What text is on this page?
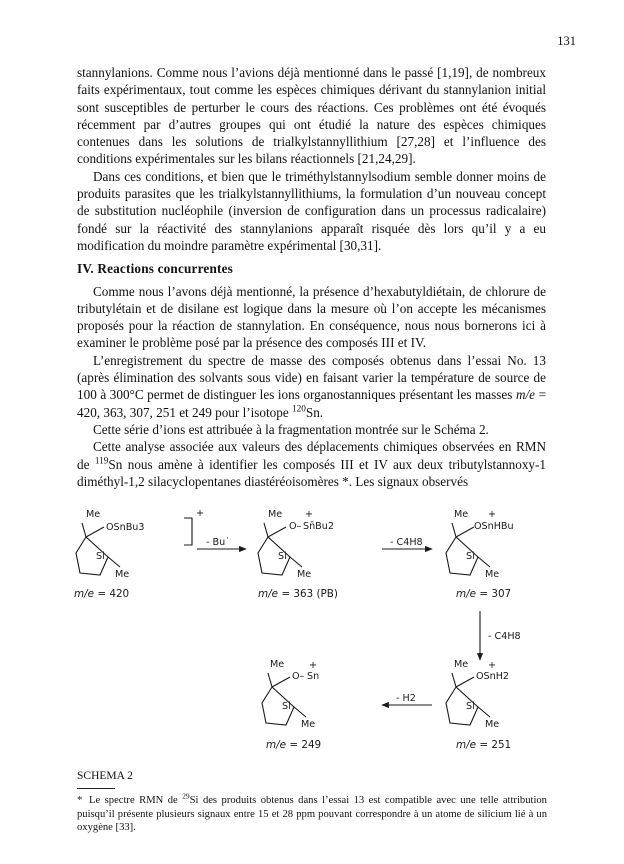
131

stannylanions. Comme nous l’avions déjà mentionné dans le passé [1,19], de nombreux faits expérimentaux, tout comme les espèces chimiques dérivant du stannylanion initial sont susceptibles de perturber le cours des réactions. Ces problèmes ont été évoqués récemment par d’autres groupes qui ont étudié la nature des espèces chimiques contenues dans les solutions de trialkylstannyllithium [27,28] et l’influence des conditions expérimentales sur les bilans réactionnels [21,24,29].

Dans ces conditions, et bien que le triméthylstannylsodium semble donner moins de produits parasites que les trialkylstannyllithiums, la formulation d’un nouveau concept de substitution nucléophile (inversion de configuration dans un processus radicalaire) fondé sur la réactivité des stannylanions apparaît risquée dès lors qu’il y a eu modification du moindre paramètre expérimental [30,31].

IV. Reactions concurrentes

Comme nous l’avons déjà mentionné, la présence d’hexabutyldiétain, de chlorure de tributylétain et de disilane est logique dans la mesure où l’on accepte les mécanismes proposés pour la réaction de stannylation. En conséquence, nous nous bornerons ici à examiner le problème posé par la présence des composés III et IV.

L’enregistrement du spectre de masse des composés obtenus dans l’essai No. 13 (après élimination des solvants sous vide) en faisant varier la température de source de 100 à 300°C permet de distinguer les ions organostanniques présentant les masses m/e = 420, 363, 307, 251 et 249 pour l’isotope $^{120}$Sn.

Cette série d’ions est attribuée à la fragmentation montrée sur le Schéma 2.

Cette analyse associée aux valeurs des déplacements chimiques observées en RMN de $^{119}$Sn nous amène à identifier les composés III et IV aux deux tributylstannoxy-1 diméthyl-1,2 silacyclopentanes diastéréoisomères *. Les signaux observés

Me
OSnBu3
Si
Me
+
m/e = 420
- Bu˙
Me
O–
+
Sn̄Bu2
Si
Me
m/e = 363 (PB)
- C4H8
Me +
OSnHBu
Si
Me
m/e = 307
- C4H8
Me +
OSnH2
Si
Me
m/e = 251
- H2
Me
O–
+
Sn
Si
Me
m/e = 249
SCHEMA 2
* Le spectre RMN de $^{29}$Si des produits obtenus dans l’essai 13 est compatible avec une telle attribution puisqu’il présente plusieurs signaux entre 15 et 28 ppm pouvant correspondre à un atome de silicium lié à un oxygène [33].
